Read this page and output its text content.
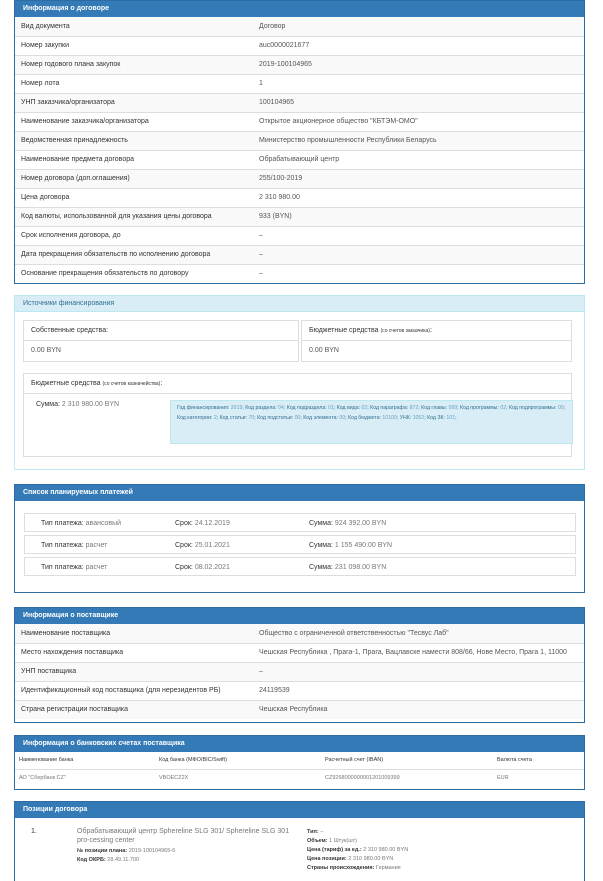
Информация о договоре
Вид документа	Договор
Номер закупки	auc0000021677
Номер годового плана закупок	2019-100104965
Номер лота	1
УНП заказчика/организатора	100104965
Наименование заказчика/организатора	Открытое акционерное общество "КБТЭМ-ОМО"
Ведомственная принадлежность	Министерство промышленности Республики Беларусь
Наименование предмета договора	Обрабатывающий центр
Номер договора (доп.оглашения)	255/100-2019
Цена договора	2 310 980.00
Код валюты, использованной для указания цены договора	933 (BYN)
Срок исполнения договора, до	–
Дата прекращения обязательств по исполнению договора	–
Основание прекращения обязательств по договору	–
Источники финансирования
Собственные средства:
0.00 BYN
Бюджетные средства (со счетов заказчика):
0.00 BYN
Бюджетные средства (со счетов казначейства):
Сумма: 2 310 980.00 BYN	Год финансирования: 2019; Код раздела: 04; Код подраздела: 01; Код вида: 02; Код параграфа: 872; Код главы: 999; Код программы: 02; Код подпрограммы: 00; Код категории: 2; Код статьи: 70; Код подстатьи: 00; Код элемента: 00; Код бюджета: 10100; УНК: 1052; Код ЗК: 101;
Список планируемых платежей
Тип платежа: авансовый	Срок: 24.12.2019	Сумма: 924 392.00 BYN
Тип платежа: расчет	Срок: 25.01.2021	Сумма: 1 155 490.00 BYN
Тип платежа: расчет	Срок: 08.02.2021	Сумма: 231 098.00 BYN
Информация о поставщике
Наименование поставщика	Общество с ограниченной ответственностью "Тесвус Лаб"
Место нахождения поставщика	Чешская Республика , Прага-1, Прага, Вацлавске намести 808/66, Нове Место, Прага 1, 11000
УНП поставщика	–
Идентификационный код поставщика (для нерезидентов РБ)	24119539
Страна регистрации поставщика	Чешская Республика
Информация о банковских счетах поставщика
Наименование банка	Код банка (МФО/BIC/Swift)	Расчетный счет (IBAN)	Валюта счета
АО "Сбербанк CZ"	VBOECZ2X	CZ9268000000001201009399	EUR
Позиции договора
1.	Обрабатывающий центр Sphereline SLG 301/ Sphereline SLG 301
pro-cessing center
№ позиции плана: 2019-100104965-6
Код ОКРБ: 28.49.11.700
Тип: –
Объем: 1 Штук(шт)
Цена (тариф) за ед.: 2 310 980.00 BYN
Цена позиции: 2 310 980.00 BYN
Страны происхождения: Германия
